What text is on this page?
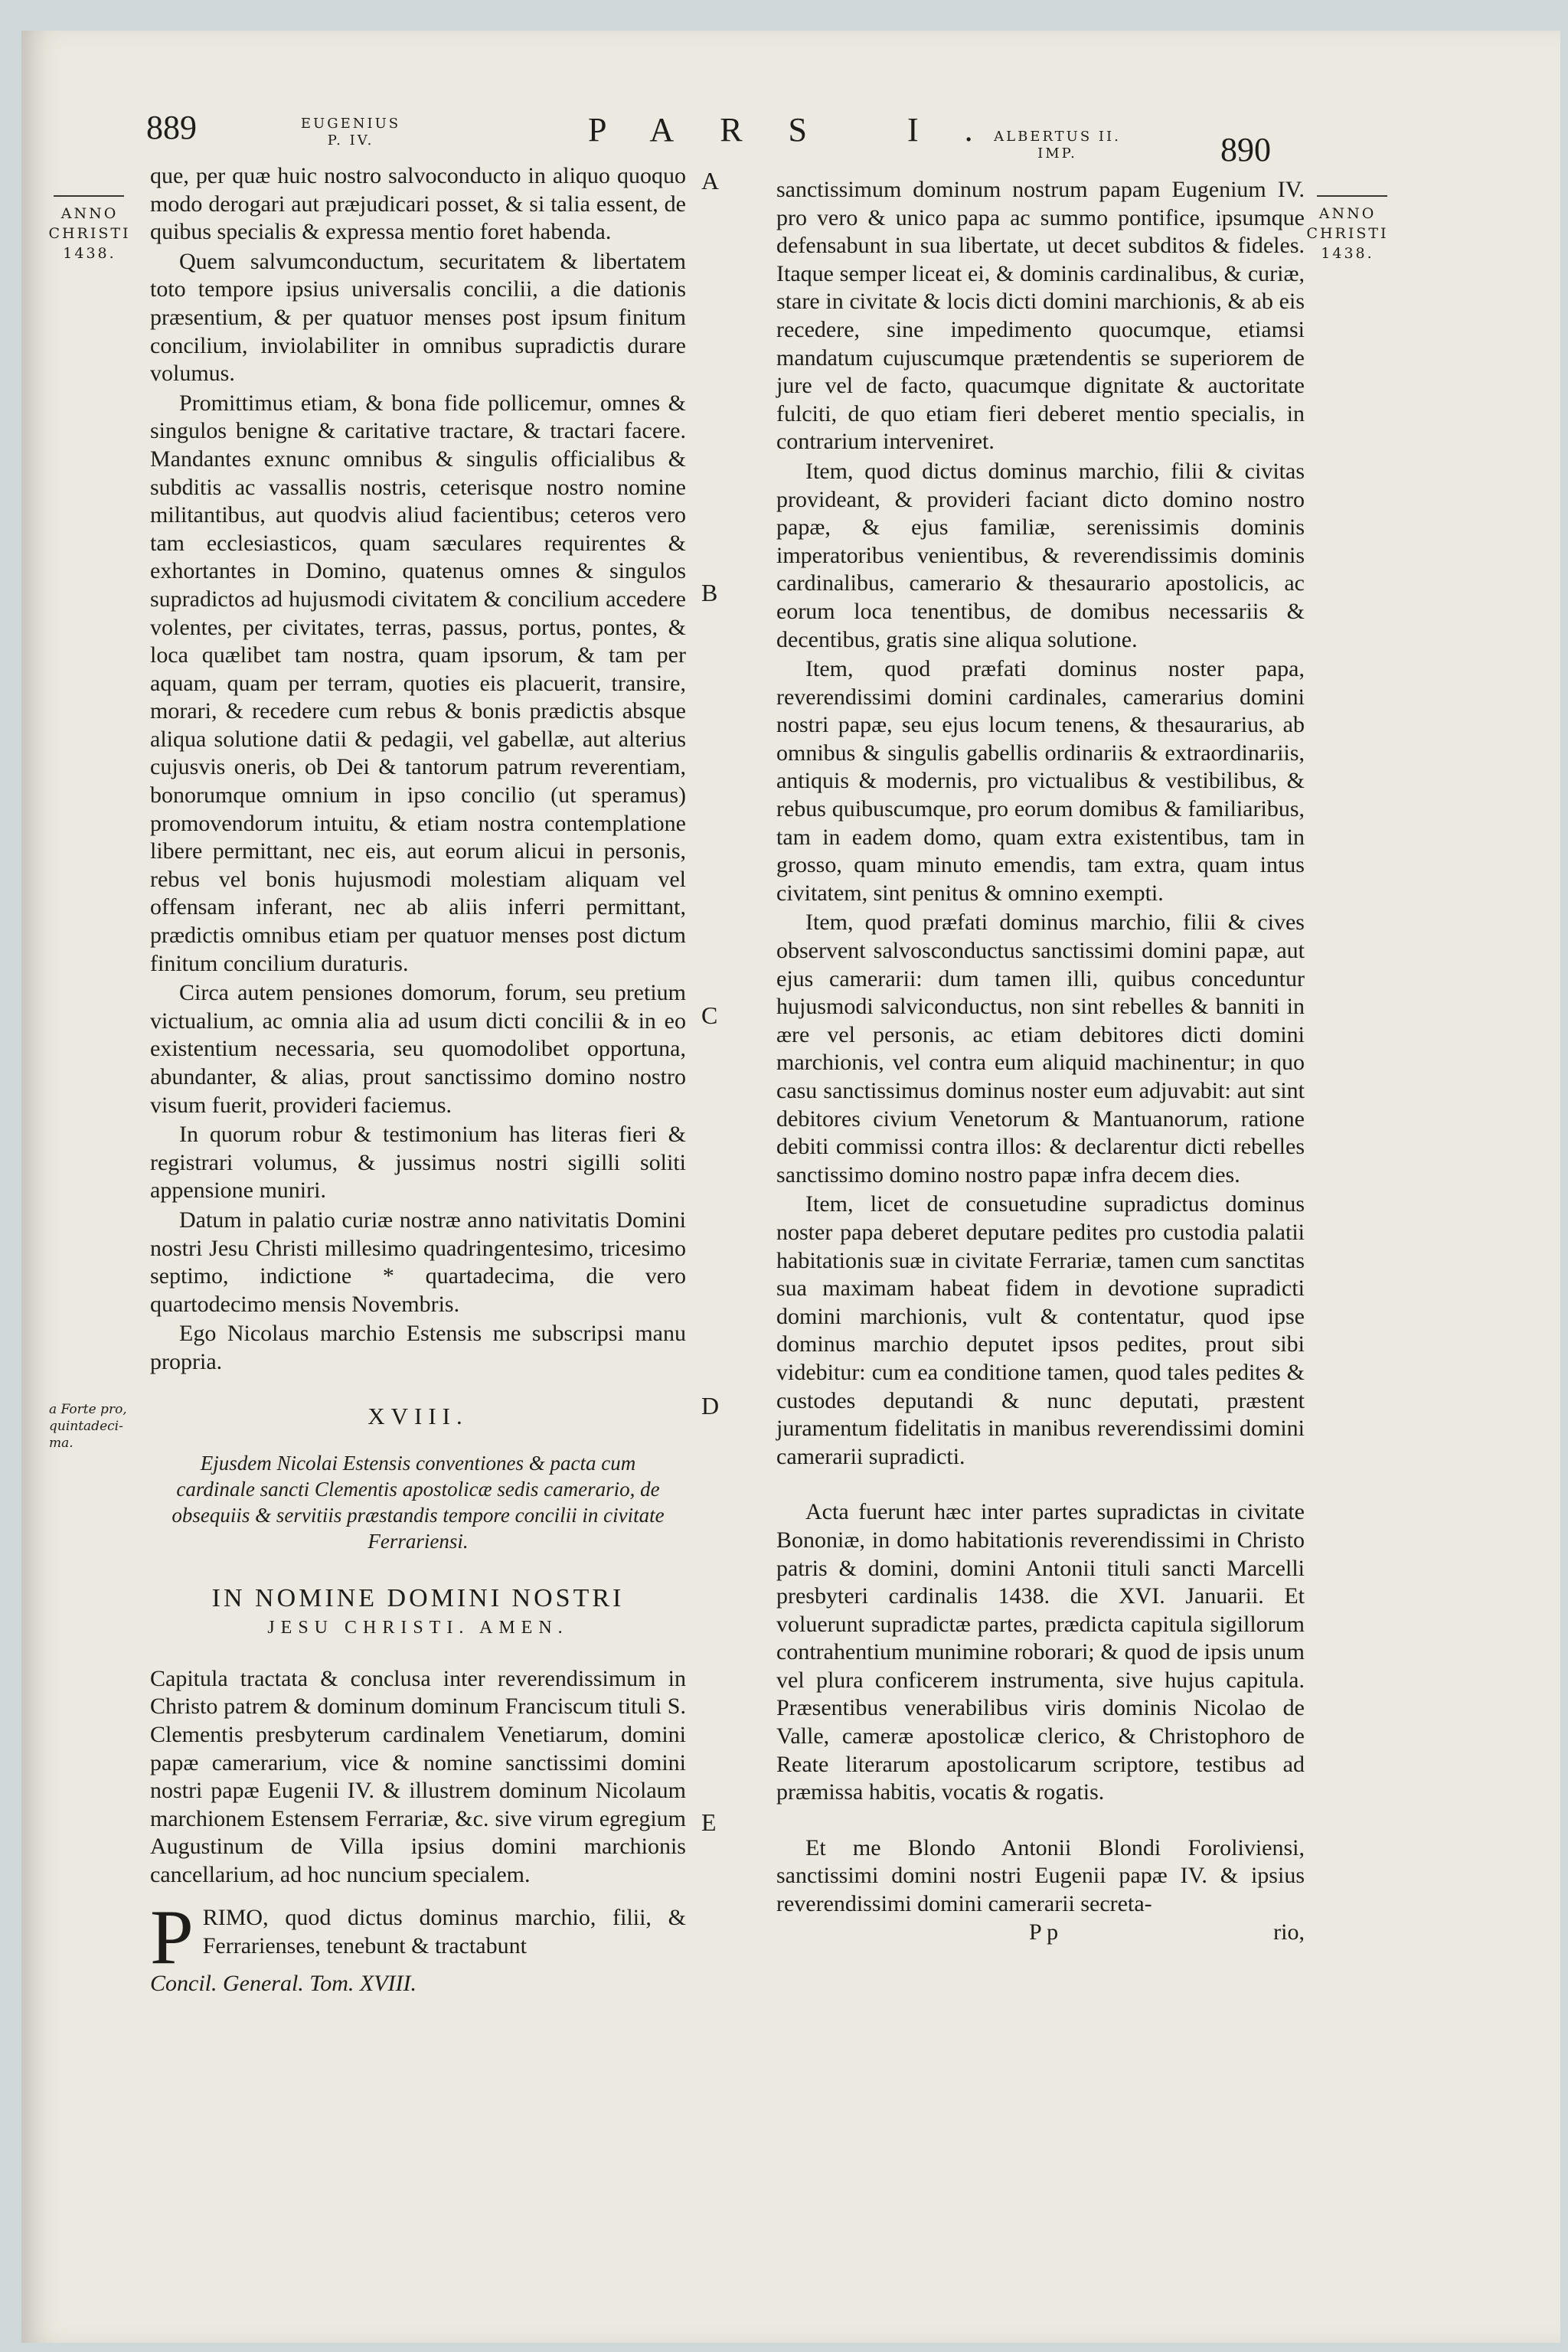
889	EUGENIUS
P. IV.	PARS I.
ALBERTUS II.
IMP.	890
ANNO
CHRISTI
1438.
a Forte pro,
quintadeci-
ma.
ANNO
CHRISTI
1438.
A
B
C
D
E

que, per quæ huic nostro salvoconducto in aliquo quoquo modo derogari aut præjudicari posset, & si talia essent, de quibus specialis & expressa mentio foret habenda.

Quem salvumconductum, securitatem & libertatem toto tempore ipsius universalis concilii, a die dationis præsentium, & per quatuor menses post ipsum finitum concilium, inviolabiliter in omnibus supradictis durare volumus.

Promittimus etiam, & bona fide pollicemur, omnes & singulos benigne & caritative tractare, & tractari facere. Mandantes exnunc omnibus & singulis officialibus & subditis ac vassallis nostris, ceterisque nostro nomine militantibus, aut quodvis aliud facientibus; ceteros vero tam ecclesiasticos, quam sæculares requirentes & exhortantes in Domino, quatenus omnes & singulos supradictos ad hujusmodi civitatem & concilium accedere volentes, per civitates, terras, passus, portus, pontes, & loca quælibet tam nostra, quam ipsorum, & tam per aquam, quam per terram, quoties eis placuerit, transire, morari, & recedere cum rebus & bonis prædictis absque aliqua solutione datii & pedagii, vel gabellæ, aut alterius cujusvis oneris, ob Dei & tantorum patrum reverentiam, bonorumque omnium in ipso concilio (ut speramus) promovendorum intuitu, & etiam nostra contemplatione libere permittant, nec eis, aut eorum alicui in personis, rebus vel bonis hujusmodi molestiam aliquam vel offensam inferant, nec ab aliis inferri permittant, prædictis omnibus etiam per quatuor menses post dictum finitum concilium duraturis.

Circa autem pensiones domorum, forum, seu pretium victualium, ac omnia alia ad usum dicti concilii & in eo existentium necessaria, seu quomodolibet opportuna, abundanter, & alias, prout sanctissimo domino nostro visum fuerit, provideri faciemus.

In quorum robur & testimonium has literas fieri & registrari volumus, & jussimus nostri sigilli soliti appensione muniri.

Datum in palatio curiæ nostræ anno nativitatis Domini nostri Jesu Christi millesimo quadringentesimo, tricesimo septimo, indictione * quartadecima, die vero quartodecimo mensis Novembris.

Ego Nicolaus marchio Estensis me subscripsi manu propria.

XVIII.
Ejusdem Nicolai Estensis conventiones & pacta cum cardinale sancti Clementis apostolicæ sedis camerario, de obsequiis & servitiis præstandis tempore concilii in civitate Ferrariensi.
IN NOMINE DOMINI NOSTRI
JESU CHRISTI. AMEN.

Capitula tractata & conclusa inter reverendissimum in Christo patrem & dominum dominum Franciscum tituli S. Clementis presbyterum cardinalem Venetiarum, domini papæ camerarium, vice & nomine sanctissimi domini nostri papæ Eugenii IV. & illustrem dominum Nicolaum marchionem Estensem Ferrariæ, &c. sive virum egregium Augustinum de Villa ipsius domini marchionis cancellarium, ad hoc nuncium specialem.

P RIMO, quod dictus dominus marchio, filii, & Ferrarienses, tenebunt & tractabunt
Concil. General. Tom. XVIII.

sanctissimum dominum nostrum papam Eugenium IV. pro vero & unico papa ac summo pontifice, ipsumque defensabunt in sua libertate, ut decet subditos & fideles. Itaque semper liceat ei, & dominis cardinalibus, & curiæ, stare in civitate & locis dicti domini marchionis, & ab eis recedere, sine impedimento quocumque, etiamsi mandatum cujuscumque prætendentis se superiorem de jure vel de facto, quacumque dignitate & auctoritate fulciti, de quo etiam fieri deberet mentio specialis, in contrarium interveniret.

Item, quod dictus dominus marchio, filii & civitas provideant, & provideri faciant dicto domino nostro papæ, & ejus familiæ, serenissimis dominis imperatoribus venientibus, & reverendissimis dominis cardinalibus, camerario & thesaurario apostolicis, ac eorum loca tenentibus, de domibus necessariis & decentibus, gratis sine aliqua solutione.

Item, quod præfati dominus noster papa, reverendissimi domini cardinales, camerarius domini nostri papæ, seu ejus locum tenens, & thesaurarius, ab omnibus & singulis gabellis ordinariis & extraordinariis, antiquis & modernis, pro victualibus & vestibilibus, & rebus quibuscumque, pro eorum domibus & familiaribus, tam in eadem domo, quam extra existentibus, tam in grosso, quam minuto emendis, tam extra, quam intus civitatem, sint penitus & omnino exempti.

Item, quod præfati dominus marchio, filii & cives observent salvosconductus sanctissimi domini papæ, aut ejus camerarii: dum tamen illi, quibus conceduntur hujusmodi salviconductus, non sint rebelles & banniti in ære vel personis, ac etiam debitores dicti domini marchionis, vel contra eum aliquid machinentur; in quo casu sanctissimus dominus noster eum adjuvabit: aut sint debitores civium Venetorum & Mantuanorum, ratione debiti commissi contra illos: & declarentur dicti rebelles sanctissimo domino nostro papæ infra decem dies.

Item, licet de consuetudine supradictus dominus noster papa deberet deputare pedites pro custodia palatii habitationis suæ in civitate Ferrariæ, tamen cum sanctitas sua maximam habeat fidem in devotione supradicti domini marchionis, vult & contentatur, quod ipse dominus marchio deputet ipsos pedites, prout sibi videbitur: cum ea conditione tamen, quod tales pedites & custodes deputandi & nunc deputati, præstent juramentum fidelitatis in manibus reverendissimi domini camerarii supradicti.

Acta fuerunt hæc inter partes supradictas in civitate Bononiæ, in domo habitationis reverendissimi in Christo patris & domini, domini Antonii tituli sancti Marcelli presbyteri cardinalis 1438. die XVI. Januarii. Et voluerunt supradictæ partes, prædicta capitula sigillorum contrahentium munimine roborari; & quod de ipsis unum vel plura conficerem instrumenta, sive hujus capitula. Præsentibus venerabilibus viris dominis Nicolao de Valle, cameræ apostolicæ clerico, & Christophoro de Reate literarum apostolicarum scriptore, testibus ad præmissa habitis, vocatis & rogatis.

Et me Blondo Antonii Blondi Foroliviensi, sanctissimi domini nostri Eugenii papæ IV. & ipsius reverendissimi domini camerarii secreta-

P p	rio,
